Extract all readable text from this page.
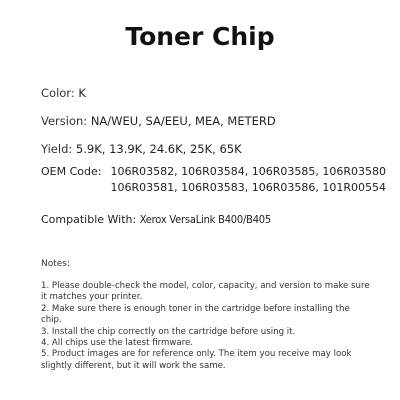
Toner Chip
Color: K
Version: NA/WEU, SA/EEU, MEA, METERD
Yield: 5.9K, 13.9K, 24.6K, 25K, 65K
OEM Code: 106R03582, 106R03584, 106R03585, 106R03580
106R03581, 106R03583, 106R03586, 101R00554
Compatible With: Xerox VersaLink B400/B405
Notes:

1. Please double-check the model, color, capacity, and version to make sure it matches your printer.

2. Make sure there is enough toner in the cartridge before installing the chip.

3. Install the chip correctly on the cartridge before using it.

4. All chips use the latest firmware.

5. Product images are for reference only. The item you receive may look slightly different, but it will work the same.
